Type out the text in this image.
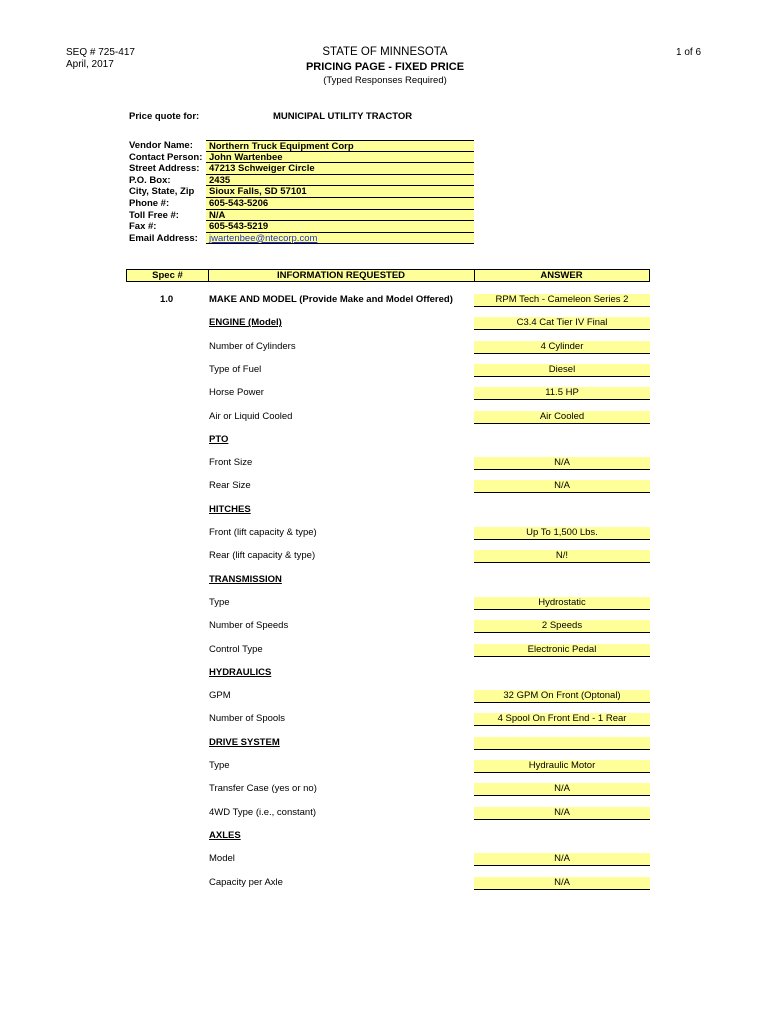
SEQ # 725-417
April, 2017
STATE OF MINNESOTA
PRICING PAGE - FIXED PRICE
(Typed Responses Required)
1 of 6
Price quote for:	MUNICIPAL UTILITY TRACTOR
Vendor Name:	Northern Truck Equipment Corp
Contact Person: John Wartenbee
Street Address:	47213 Schweiger Circle
P.O. Box:	2435
City, State, Zip	Sioux Falls, SD 57101
Phone #:	605-543-5206
Toll Free #:	N/A
Fax #:	605-543-5219
Email Address:	jwartenbee@ntecorp.com
Spec #	INFORMATION REQUESTED	ANSWER
1.0	MAKE AND MODEL (Provide Make and Model Offered)	RPM Tech - Cameleon Series 2
ENGINE (Model)	C3.4 Cat Tier IV Final
Number of Cylinders	4 Cylinder
Type of Fuel	Diesel
Horse Power	11.5 HP
Air or Liquid Cooled	Air Cooled
PTO
Front Size	N/A
Rear Size	N/A
HITCHES
Front (lift capacity & type)	Up To 1,500 Lbs.
Rear (lift capacity & type)	N/!
TRANSMISSION
Type	Hydrostatic
Number of Speeds	2 Speeds
Control Type	Electronic Pedal
HYDRAULICS
GPM	32 GPM On Front (Optonal)
Number of Spools	4 Spool On Front End - 1 Rear
DRIVE SYSTEM
Type	Hydraulic Motor
Transfer Case (yes or no)	N/A
4WD Type (i.e., constant)	N/A
AXLES
Model	N/A
Capacity per Axle	N/A
